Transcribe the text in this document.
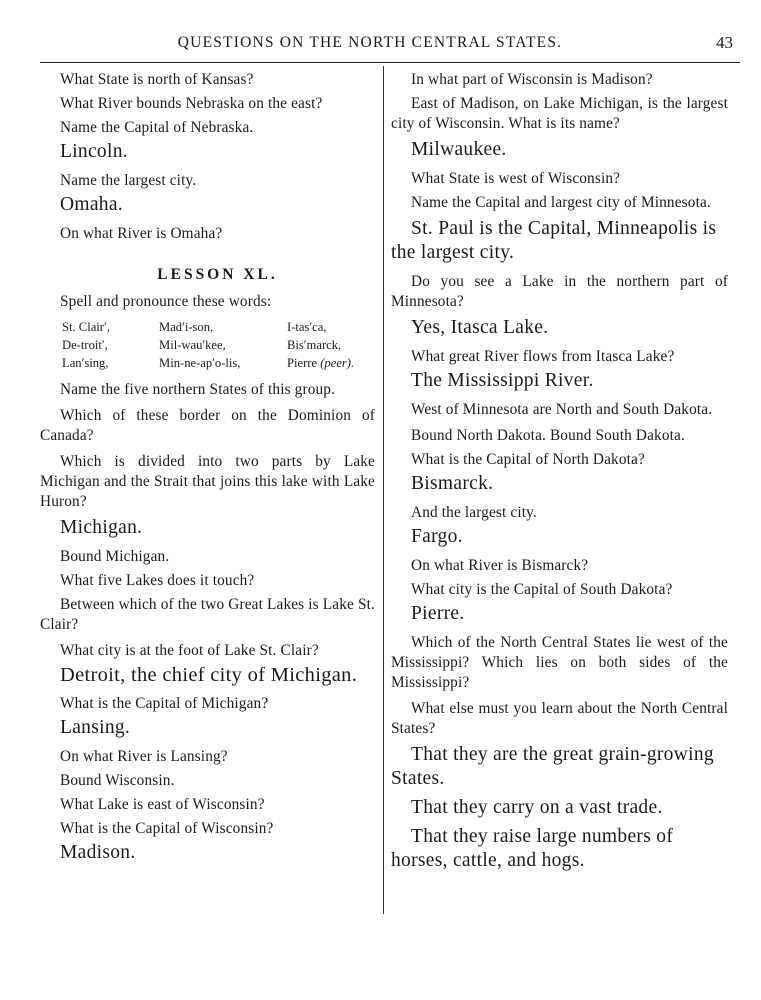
QUESTIONS ON THE NORTH CENTRAL STATES.	43

What State is north of Kansas?

What River bounds Nebraska on the east?

Name the Capital of Nebraska.

Lincoln.

Name the largest city.

Omaha.

On what River is Omaha?

LESSON XL.

Spell and pronounce these words:

St. Clair′,	Mad′i-son,	I-tas′ca,
De-troit′,	Mil-wau′kee,	Bis′marck,
Lan′sing,	Min-ne-ap′o-lis,	Pierre (peer).

Name the five northern States of this group.

Which of these border on the Dominion of Canada?

Which is divided into two parts by Lake Michigan and the Strait that joins this lake with Lake Huron?

Michigan.

Bound Michigan.

What five Lakes does it touch?

Between which of the two Great Lakes is Lake St. Clair?

What city is at the foot of Lake St. Clair?

Detroit, the chief city of Michigan.

What is the Capital of Michigan?

Lansing.

On what River is Lansing?

Bound Wisconsin.

What Lake is east of Wisconsin?

What is the Capital of Wisconsin?

Madison.

In what part of Wisconsin is Madison?

East of Madison, on Lake Michigan, is the largest city of Wisconsin. What is its name?

Milwaukee.

What State is west of Wisconsin?

Name the Capital and largest city of Minnesota.

St. Paul is the Capital, Minneapolis is the largest city.

Do you see a Lake in the northern part of Minnesota?

Yes, Itasca Lake.

What great River flows from Itasca Lake?

The Mississippi River.

West of Minnesota are North and South Dakota.

Bound North Dakota. Bound South Dakota.

What is the Capital of North Dakota?

Bismarck.

And the largest city.

Fargo.

On what River is Bismarck?

What city is the Capital of South Dakota?

Pierre.

Which of the North Central States lie west of the Mississippi? Which lies on both sides of the Mississippi?

What else must you learn about the North Central States?

That they are the great grain-growing States.

That they carry on a vast trade.

That they raise large numbers of horses, cattle, and hogs.
